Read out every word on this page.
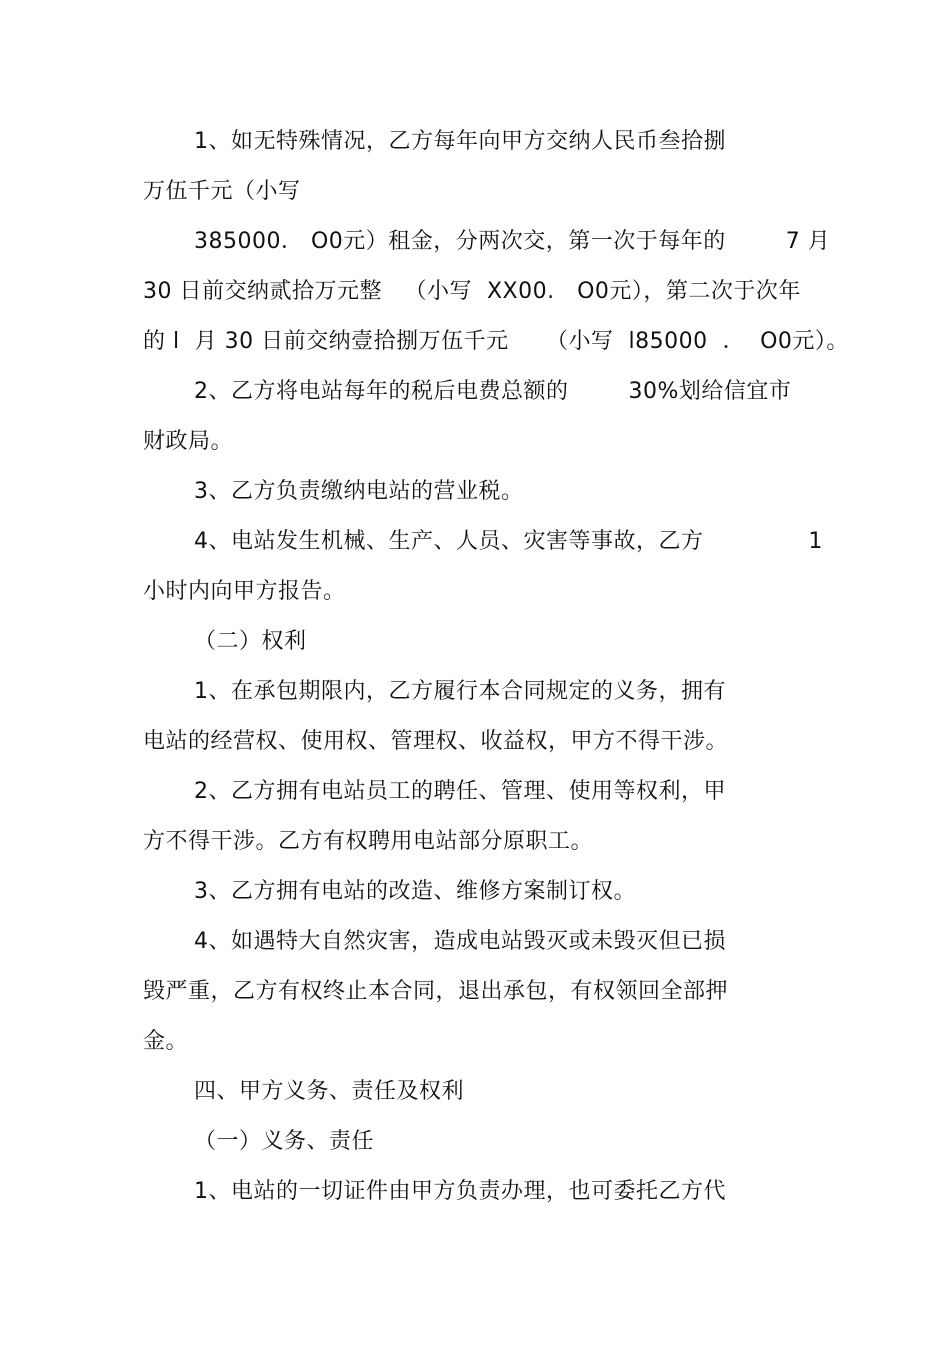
1、如无特殊情况，乙方每年向甲方交纳人民币叁拾捌
万伍千元（小写
385000． O0元）租金，分两次交，第一次于每年的        7 月
30 日前交纳贰拾万元整   （小写  XX00.   O0元），第二次于次年
的 l  月 30 日前交纳壹拾捌万伍千元     （小写  l85000  ．  O0元）。
2、乙方将电站每年的税后电费总额的        30%划给信宜市
财政局。
3、乙方负责缴纳电站的营业税。
4、电站发生机械、生产、人员、灾害等事故，乙方              1
小时内向甲方报告。
（二）权利
1、在承包期限内，乙方履行本合同规定的义务，拥有
电站的经营权、使用权、管理权、收益权，甲方不得干涉。
2、乙方拥有电站员工的聘任、管理、使用等权利，甲
方不得干涉。乙方有权聘用电站部分原职工。
3、乙方拥有电站的改造、维修方案制订权。
4、如遇特大自然灾害，造成电站毁灭或未毁灭但已损
毁严重，乙方有权终止本合同，退出承包，有权领回全部押
金。
四、甲方义务、责任及权利
（一）义务、责任
1、电站的一切证件由甲方负责办理，也可委托乙方代
